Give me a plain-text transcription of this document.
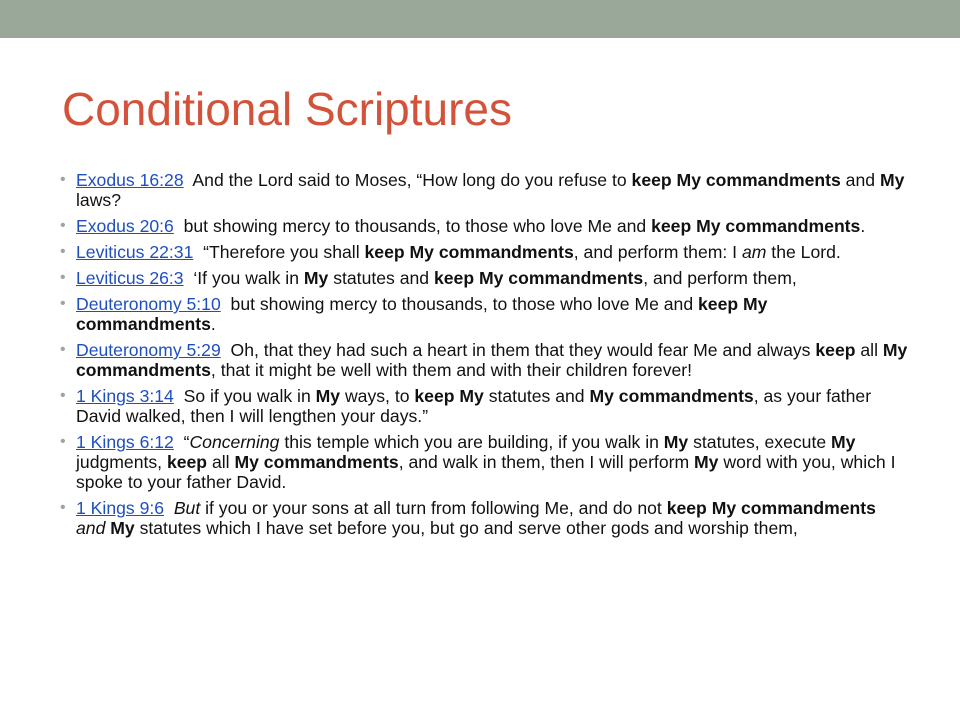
Conditional Scriptures
• Exodus 16:28 And the Lord said to Moses, “How long do you refuse to keep My commandments and My laws?
• Exodus 20:6 but showing mercy to thousands, to those who love Me and keep My commandments.
• Leviticus 22:31 “Therefore you shall keep My commandments, and perform them: I am the Lord.
• Leviticus 26:3 ‘If you walk in My statutes and keep My commandments, and perform them,
• Deuteronomy 5:10 but showing mercy to thousands, to those who love Me and keep My commandments.
• Deuteronomy 5:29 Oh, that they had such a heart in them that they would fear Me and always keep all My commandments, that it might be well with them and with their children forever!
• 1 Kings 3:14 So if you walk in My ways, to keep My statutes and My commandments, as your father David walked, then I will lengthen your days.”
• 1 Kings 6:12 “Concerning this temple which you are building, if you walk in My statutes, execute My judgments, keep all My commandments, and walk in them, then I will perform My word with you, which I spoke to your father David.
• 1 Kings 9:6 But if you or your sons at all turn from following Me, and do not keep My commandments and My statutes which I have set before you, but go and serve other gods and worship them,
